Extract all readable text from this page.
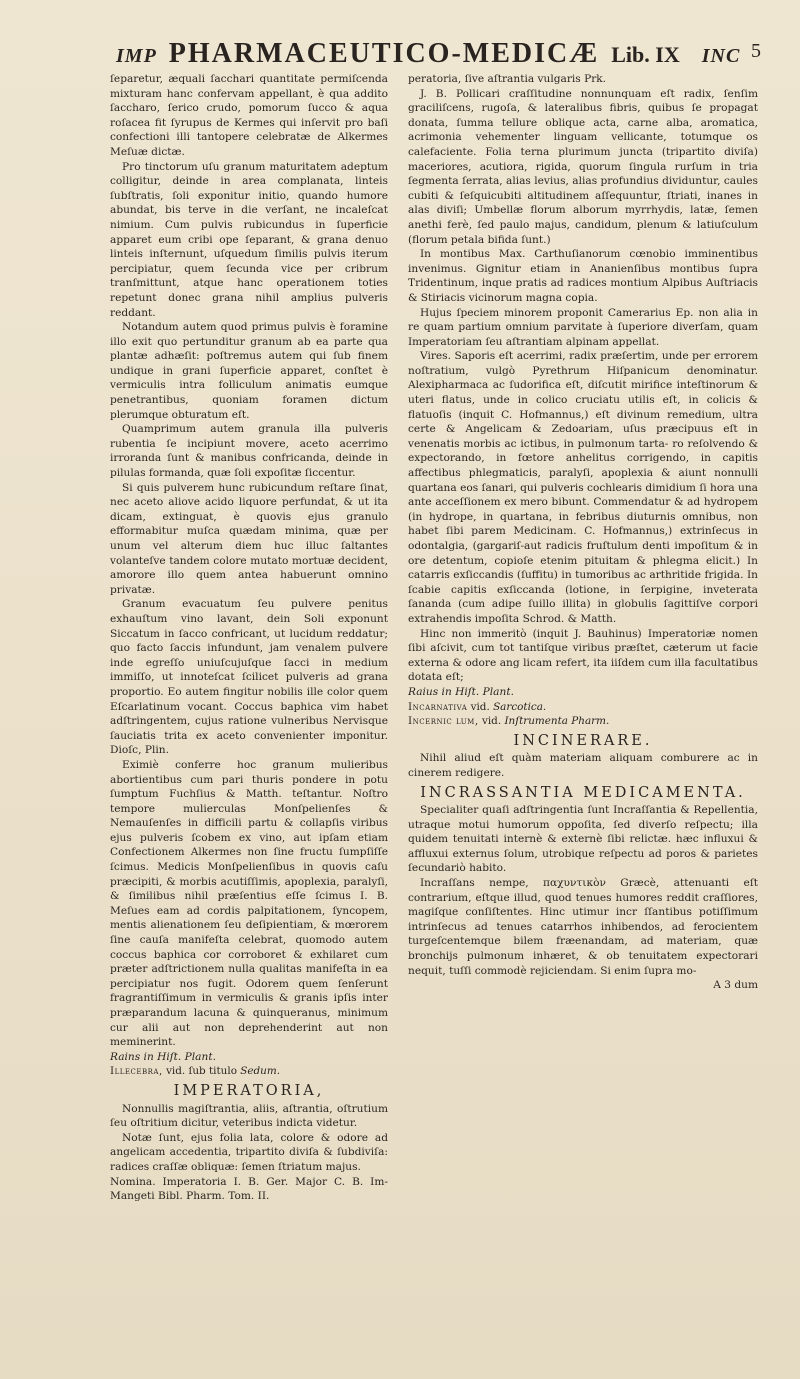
IMP PHARMACEUTICO-MEDICÆ Lib. IX INC 5

ſeparetur, æquali ſacchari quantitate permiſcenda mixturam hanc confervam appellant, è qua addito ſaccharo, ſerico crudo, pomorum ſucco & aqua roſacea fit ſyrupus de Kermes qui inſervit pro baſi confectioni illi tantopere celebratæ de Alkermes Meſuæ dictæ.

Pro tinctorum uſu granum maturitatem adeptum colligitur, deinde in area complanata, linteis ſubſtratis, ſoli exponitur initio, quando humore abundat, bis terve in die verſant, ne incaleſcat nimium. Cum pulvis rubicundus in ſuperficie apparet eum cribi ope ſeparant, & grana denuo linteis inſternunt, uſquedum ſimilis pulvis iterum percipiatur, quem ſecunda vice per cribrum tranſmittunt, atque hanc operationem toties repetunt donec grana nihil amplius pulveris reddant.

Notandum autem quod primus pulvis è foramine illo exit quo pertunditur granum ab ea parte qua plantæ adhæſit: poſtremus autem qui ſub finem undique in grani ſuperficie apparet, conſtet è vermiculis intra folliculum animatis eumque penetrantibus, quoniam foramen dictum plerumque obturatum eſt.

Quamprimum autem granula illa pulveris rubentia ſe incipiunt movere, aceto acerrimo irroranda ſunt & manibus confricanda, deinde in pilulas formanda, quæ ſoli expoſitæ ſiccentur.

Si quis pulverem hunc rubicundum reſtare ſinat, nec aceto aliove acido liquore perfundat, & ut ita dicam, extinguat, è quovis ejus granulo efformabitur muſca quædam minima, quæ per unum vel alterum diem huc illuc ſaltantes volanteſve tandem colore mutato mortuæ decident, amorore illo quem antea habuerunt omnino privatæ.

Granum evacuatum ſeu pulvere penitus exhauſtum vino lavant, dein Soli exponunt Siccatum in ſacco confricant, ut lucidum reddatur; quo facto ſaccis infundunt, jam venalem pulvere inde egreſſo uniuſcujuſque ſacci in medium immiſſo, ut innoteſcat ſcilicet pulveris ad grana proportio. Eo autem fingitur nobilis ille color quem Eſcarlatinum vocant. Coccus baphica vim habet adſtringentem, cujus ratione vulneribus Nervisque ſauciatis trita ex aceto convenienter imponitur. Dioſc, Plin.

Eximiè conferre hoc granum mulieribus abortientibus cum pari thuris pondere in potu ſumptum Fuchſius & Matth. teſtantur. Noſtro tempore mulierculas Monſpelienſes & Nemauſenſes in difficili partu & collapſis viribus ejus pulveris ſcobem ex vino, aut ipſam etiam Confectionem Alkermes non ſine fructu ſumpſiſſe ſcimus. Medicis Monſpelienſibus in quovis caſu præcipiti, & morbis acutiſſimis, apoplexia, paralyſi, & ſimilibus nihil præſentius eſſe ſcimus I. B. Meſues eam ad cordis palpitationem, ſyncopem, mentis alienationem ſeu deſipientiam, & mœrorem ſine cauſa manifeſta celebrat, quomodo autem coccus baphica cor corroboret & exhilaret cum præter adſtrictionem nulla qualitas manifeſta in ea percipiatur nos fugit. Odorem quem ſenſerunt fragrantiſſimum in vermiculis & granis ipſis inter præparandum lacuna & quinqueranus, minimum cur alii aut non deprehenderint aut non meminerint.

Rains in Hiſt. Plant.

Illecebra, vid. ſub titulo Sedum.

IMPERATORIA,

Nonnullis magiſtrantia, aliis, aſtrantia, oſtrutium ſeu oſtritium dicitur, veteribus indicta videtur.

Notæ ſunt, ejus folia lata, colore & odore ad angelicam accedentia, tripartito diviſa & ſubdiviſa: radices craſſæ obliquæ: ſemen ſtriatum majus.

Nomina. Imperatoria I. B. Ger. Major C. B. Im- Mangeti Bibl. Pharm. Tom. II.

peratoria, ſive aſtrantia vulgaris Prk.

J. B. Pollicari craſſitudine nonnunquam eſt radix, ſenſim graciliſcens, rugoſa, & lateralibus fibris, quibus ſe propagat donata, ſumma tellure oblique acta, carne alba, aromatica, acrimonia vehementer linguam vellicante, totumque os calefaciente. Folia terna plurimum juncta (tripartito diviſa) maceriores, acutiora, rigida, quorum ſingula rurſum in tria ſegmenta ſerrata, alias levius, alias profundius dividuntur, caules cubiti & ſeſquicubiti altitudinem aſſequuntur, ſtriati, inanes in alas diviſi; Umbellæ florum alborum myrrhydis, latæ, ſemen anethi ferè, ſed paulo majus, candidum, plenum & latiuſculum (florum petala bifida ſunt.)

In montibus Max. Carthuſianorum cœnobio imminentibus invenimus. Gignitur etiam in Ananienſibus montibus ſupra Tridentinum, inque pratis ad radices montium Alpibus Auſtriacis & Stiriacis vicinorum magna copia.

Hujus ſpeciem minorem proponit Camerarius Ep. non alia in re quam partium omnium parvitate à ſuperiore diverſam, quam Imperatoriam ſeu aſtrantiam alpinam appellat.

Vires. Saporis eſt acerrimi, radix præſertim, unde per errorem noſtratium, vulgò Pyrethrum Hiſpanicum denominatur. Alexipharmaca ac ſudorifica eſt, diſcutit mirifice inteſtinorum & uteri flatus, unde in colico cruciatu utilis eſt, in colicis & flatuoſis (inquit C. Hofmannus,) eſt divinum remedium, ultra certe & Angelicam & Zedoariam, uſus præcipuus eſt in venenatis morbis ac ictibus, in pulmonum tarta- ro reſolvendo & expectorando, in fœtore anhelitus corrigendo, in capitis affectibus phlegmaticis, paralyſi, apoplexia & aiunt nonnulli quartana eos ſanari, qui pulveris cochlearis dimidium ſi hora una ante acceſſionem ex mero bibunt. Commendatur & ad hydropem (in hydrope, in quartana, in febribus diuturnis omnibus, non habet ſibi parem Medicinam. C. Hofmannus,) extrinſecus in odontalgia, (gargariſ-aut radicis fruſtulum denti impoſitum & in ore detentum, copioſe etenim pituitam & phlegma elicit.) In catarris exſiccandis (ſuffitu) in tumoribus ac arthritide frigida. In ſcabie capitis exſiccanda (lotione, in ſerpigine, inveterata ſananda (cum adipe ſuillo illita) in globulis ſagittiſve corpori extrahendis impoſita Schrod. & Matth.

Hinc non immeritò (inquit J. Bauhinus) Imperatoriæ nomen ſibi aſcivit, cum tot tantiſque viribus præſtet, cæterum ut facie externa & odore ang licam refert, ita iiſdem cum illa facultatibus dotata eſt;

Raius in Hiſt. Plant.

Incarnativa vid. Sarcotica.

Incernic lum, vid. Inſtrumenta Pharm.

INCINERARE.

Nihil aliud eſt quàm materiam aliquam comburere ac in cinerem redigere.

INCRASSANTIA MEDICAMENTA.

Specialiter quaſi adſtringentia ſunt Incraſſantia & Repellentia, utraque motui humorum oppoſita, ſed diverſo reſpectu; illa quidem tenuitati internè & externè ſibi relictæ. hæc influxui & affluxui externus ſolum, utrobique reſpectu ad poros & parietes ſecundariò habito.

Incraſſans nempe, παχυντικὸν Græcè, attenuanti eſt contrarium, eſtque illud, quod tenues humores reddit craſſiores, magiſque conſiſtentes. Hinc utimur incr ſſantibus potiſſimum intrinſecus ad tenues catarrhos inhibendos, ad ferocientem turgeſcentemque bilem fræenandam, ad materiam, quæ bronchijs pulmonum inhæret, & ob tenuitatem expectorari nequit, tuſſi commodè rejiciendam. Si enim ſupra mo-

A 3 dum
